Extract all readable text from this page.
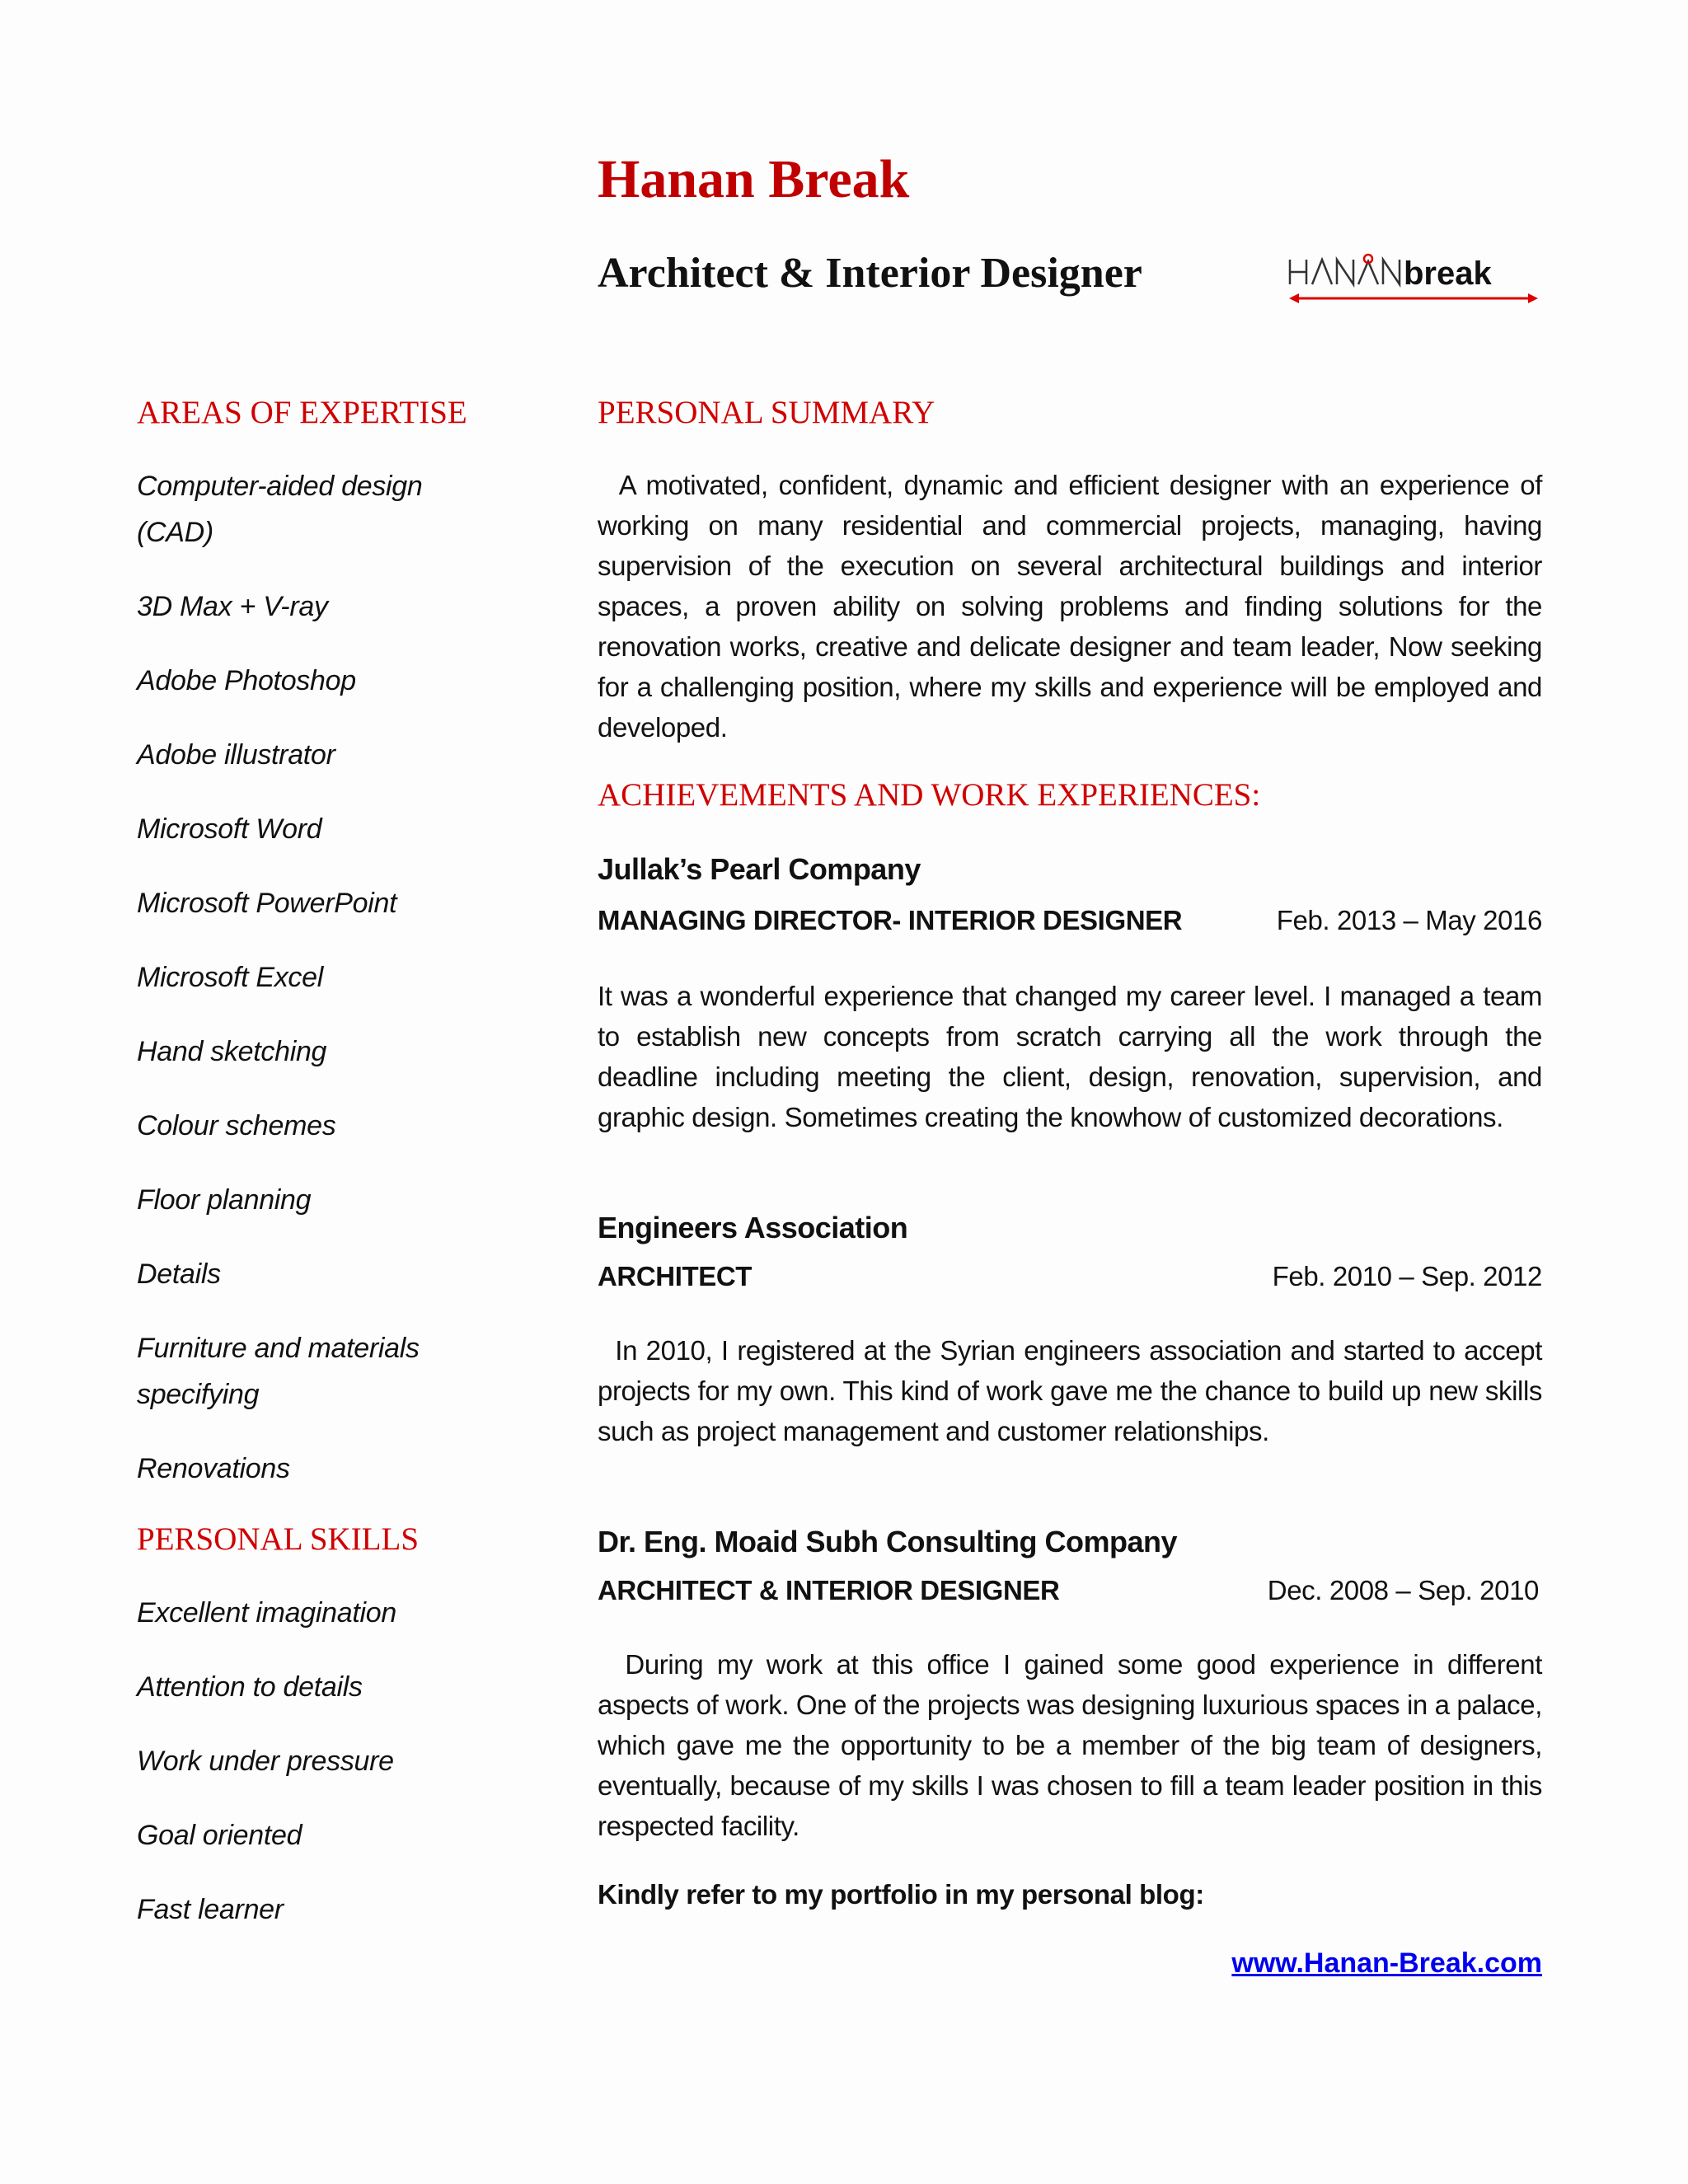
Hanan Break
Architect & Interior Designer	break
AREAS OF EXPERTISE
Computer-aided design (CAD)
3D Max + V-ray
Adobe Photoshop
Adobe illustrator
Microsoft Word
Microsoft PowerPoint
Microsoft Excel
Hand sketching
Colour schemes
Floor planning
Details
Furniture and materials specifying
Renovations
PERSONAL SKILLS
Excellent imagination
Attention to details
Work under pressure
Goal oriented
Fast learner
PERSONAL SUMMARY

A motivated, confident, dynamic and efficient designer with an experience of working on many residential and commercial projects, managing, having supervision of the execution on several architectural buildings and interior spaces, a proven ability on solving problems and finding solutions for the renovation works, creative and delicate designer and team leader, Now seeking for a challenging position, where my skills and experience will be employed and developed.

ACHIEVEMENTS AND WORK EXPERIENCES:
Jullak’s Pearl Company
MANAGING DIRECTOR- INTERIOR DESIGNER	Feb. 2013 – May 2016

It was a wonderful experience that changed my career level. I managed a team to establish new concepts from scratch carrying all the work through the deadline including meeting the client, design, renovation, supervision, and graphic design. Sometimes creating the knowhow of customized decorations.

Engineers Association
ARCHITECT	Feb. 2010 – Sep. 2012

In 2010, I registered at the Syrian engineers association and started to accept projects for my own. This kind of work gave me the chance to build up new skills such as project management and customer relationships.

Dr. Eng. Moaid Subh Consulting Company
ARCHITECT & INTERIOR DESIGNER	Dec. 2008 – Sep. 2010

During my work at this office I gained some good experience in different aspects of work. One of the projects was designing luxurious spaces in a palace, which gave me the opportunity to be a member of the big team of designers, eventually, because of my skills I was chosen to fill a team leader position in this respected facility.

Kindly refer to my portfolio in my personal blog:
www.Hanan-Break.com
